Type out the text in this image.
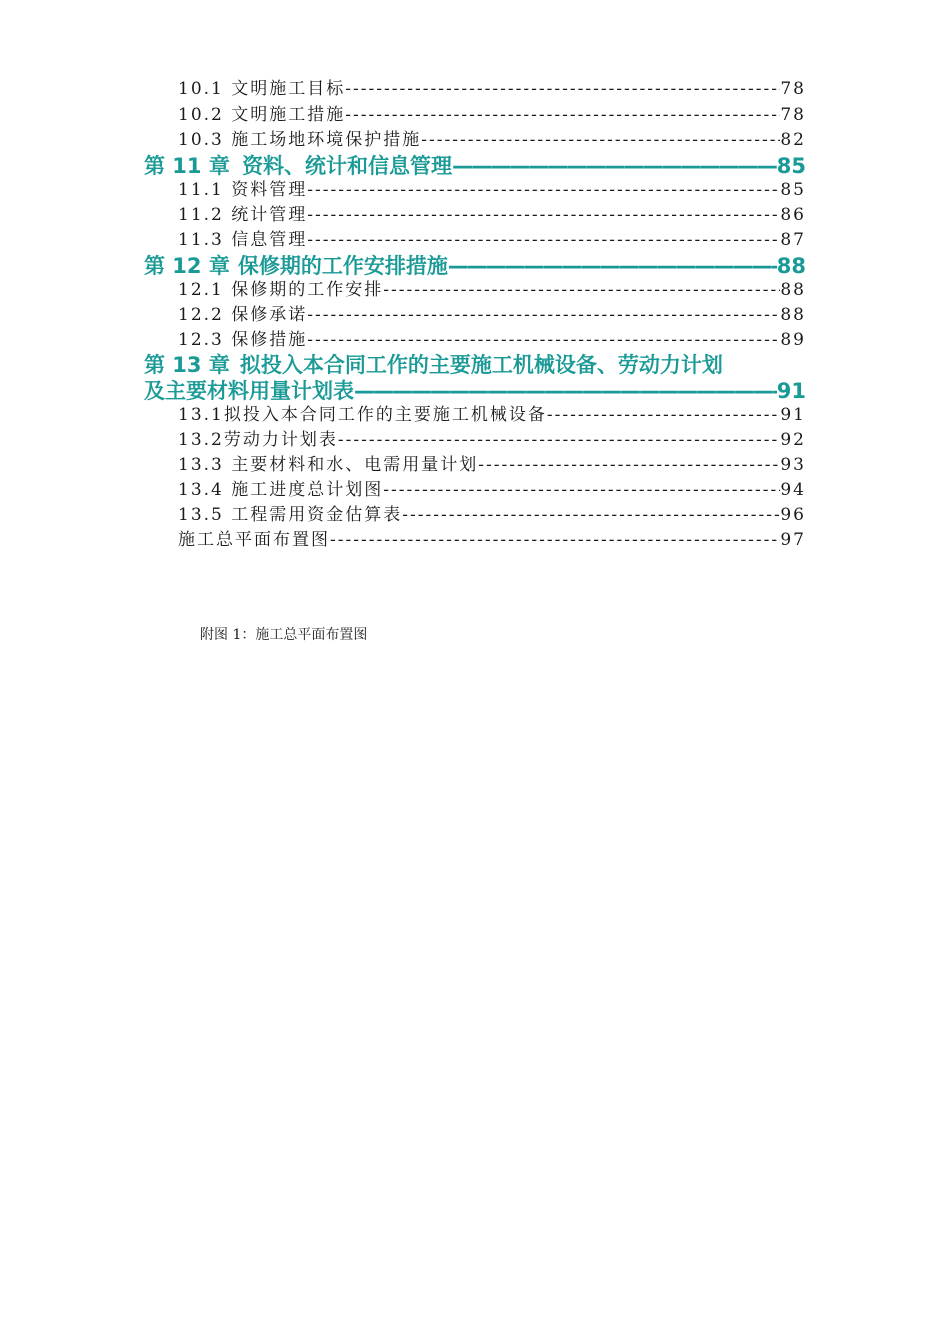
10.1 文明施工目标 -----	78
10.2 文明施工措施 -----	78
10.3 施工场地环境保护措施 -----	82
第 11 章 资料、统计和信息管理 —————	85
11.1 资料管理 -----	85
11.2 统计管理 -----	86
11.3 信息管理 -----	87
第 12 章 保修期的工作安排措施 —————	88
12.1 保修期的工作安排 -----	88
12.2 保修承诺 -----	88
12.3 保修措施 -----	89
第 13 章 拟投入本合同工作的主要施工机械设备、劳动力计划
及主要材料用量计划表 —————	91
13.1拟投入本合同工作的主要施工机械设备 -----	91
13.2劳动力计划表 -----	92
13.3 主要材料和水、电需用量计划 -----	93
13.4 施工进度总计划图 -----	94
13.5 工程需用资金估算表 -----	96
施工总平面布置图 -----	97
附图 1：施工总平面布置图
